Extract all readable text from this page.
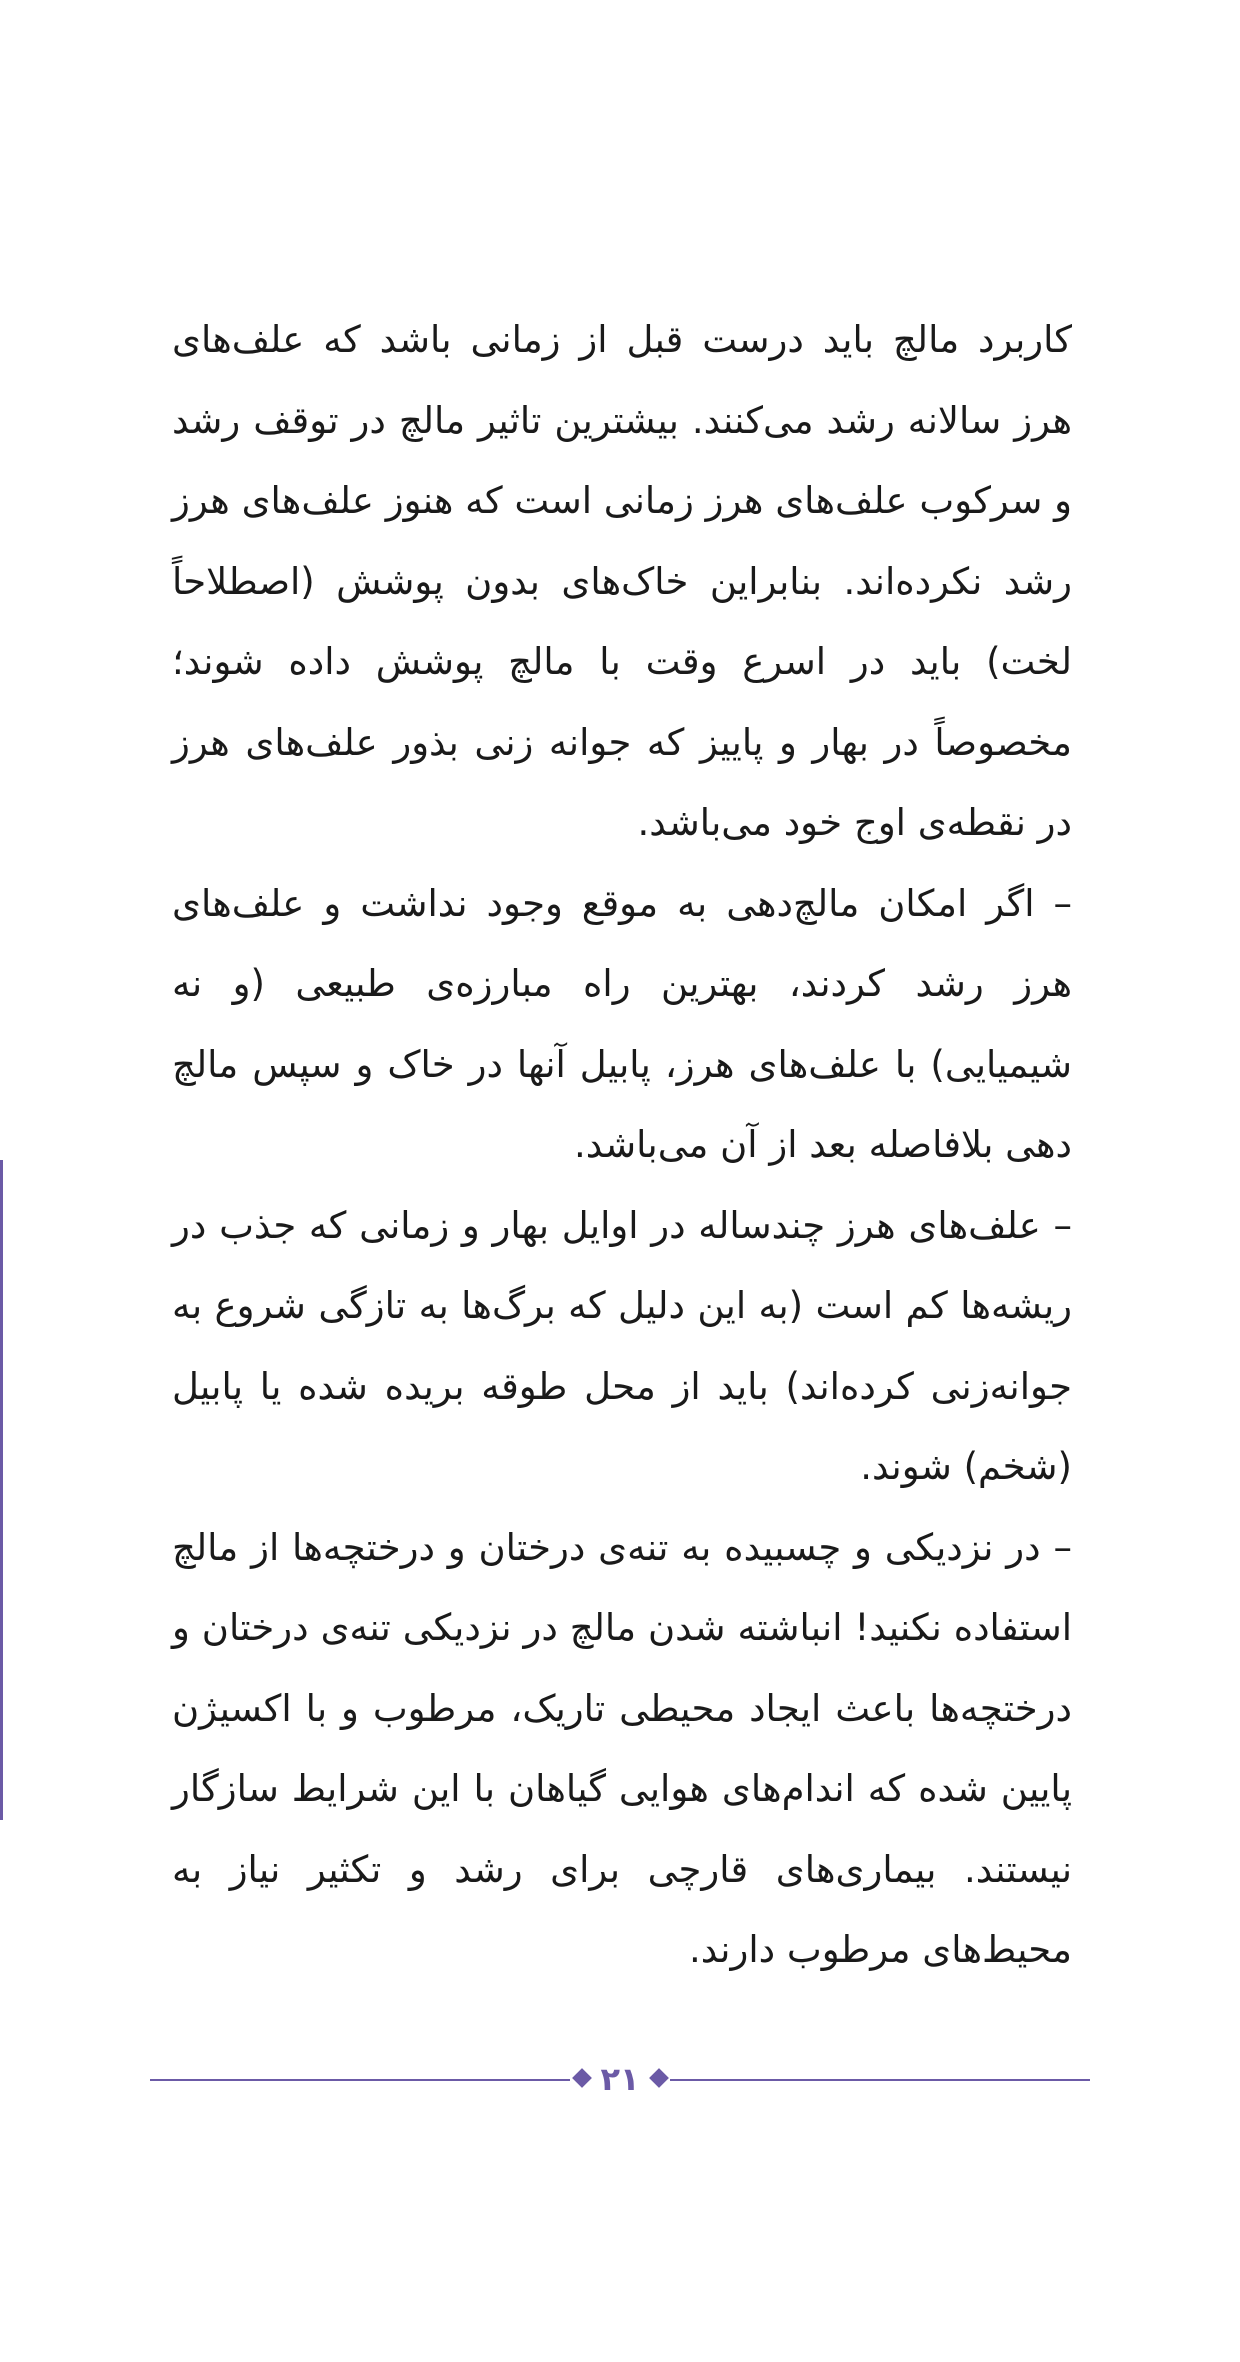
کاربرد مالچ باید درست قبل از زمانی باشد که علف‌های هرز سالانه رشد می‌کنند. بیشترین تاثیر مالچ در توقف رشد و سرکوب علف‌های هرز زمانی است که هنوز علف‌های هرز رشد نکرده‌اند. بنابراین خاک‌های بدون پوشش (اصطلاحاً لخت) باید در اسرع وقت با مالچ پوشش داده شوند؛ مخصوصاً در بهار و پاییز که جوانه زنی بذور علف‌های هرز در نقطه‌ی اوج خود می‌باشد.

– اگر امکان مالچ‌دهی به موقع وجود نداشت و علف‌های هرز رشد کردند، بهترین راه مبارزه‌ی طبیعی (و نه شیمیایی) با علف‌های هرز، پابیل آنها در خاک و سپس مالچ دهی بلافاصله بعد از آن می‌باشد.

– علف‌های هرز چندساله در اوایل بهار و زمانی که جذب در ریشه‌ها کم است (به این دلیل که برگ‌ها به تازگی شروع به جوانه‌زنی کرده‌اند) باید از محل طوقه بریده شده یا پابیل (شخم) شوند.

– در نزدیکی و چسبیده به تنه‌ی درختان و درختچه‌ها از مالچ استفاده نکنید! انباشته شدن مالچ در نزدیکی تنه‌ی درختان و درختچه‌ها باعث ایجاد محیطی تاریک، مرطوب و با اکسیژن پایین شده که اندام‌های هوایی گیاهان با این شرایط سازگار نیستند. بیماری‌های قارچی برای رشد و تکثیر نیاز به محیط‌های مرطوب دارند.

۲۱
